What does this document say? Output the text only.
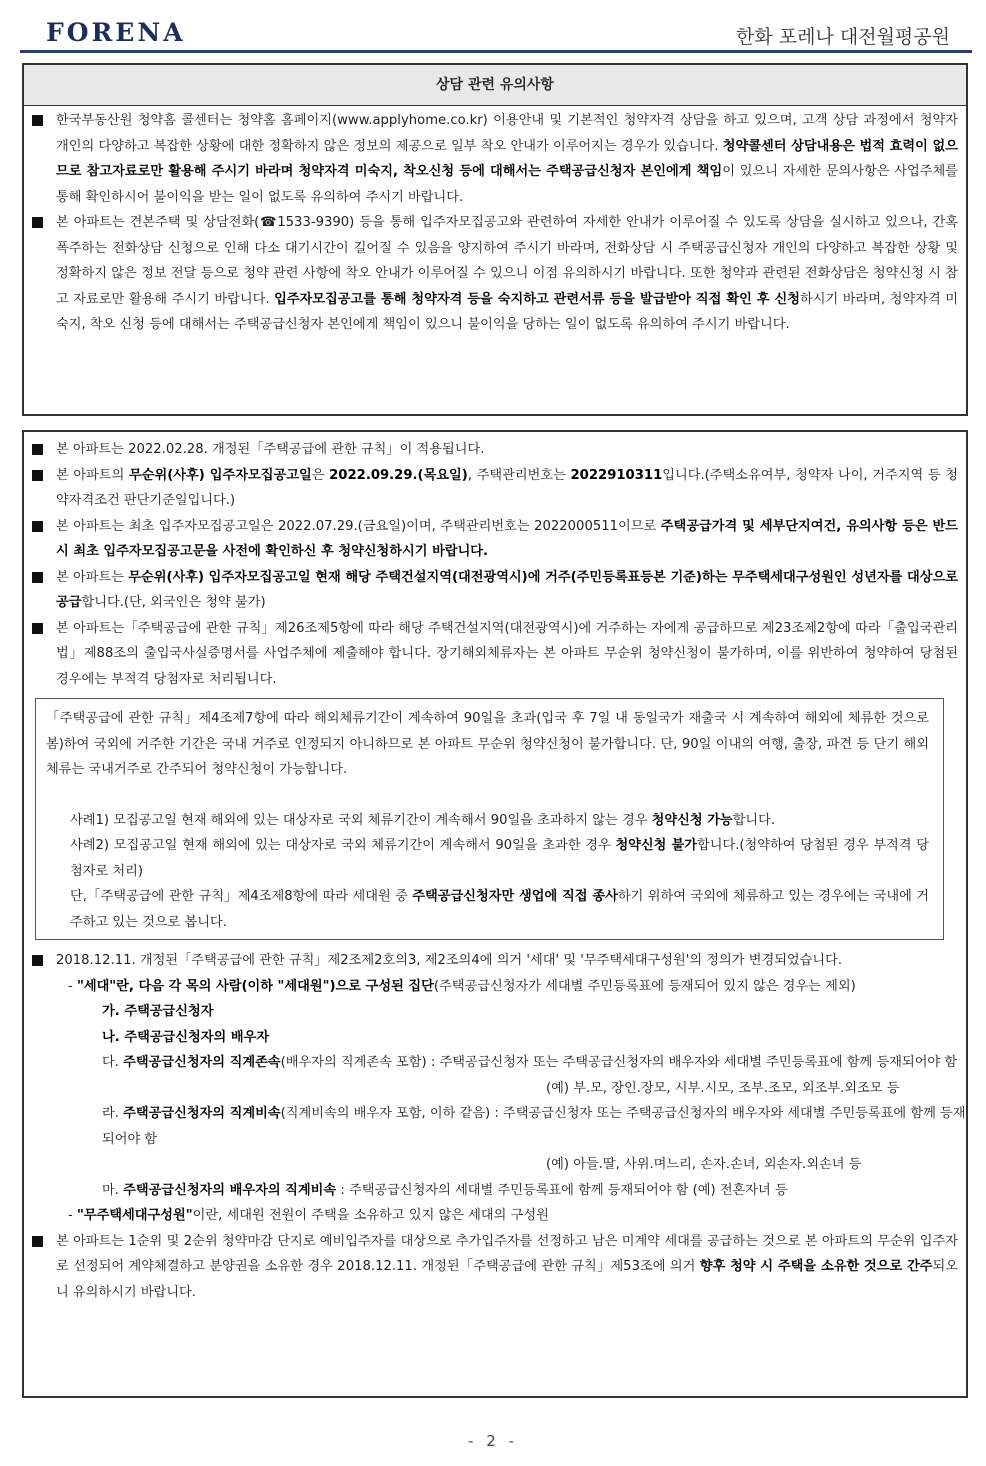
FORENA	한화 포레나 대전월평공원
상담 관련 유의사항
한국부동산원 청약홈 콜센터는 청약홈 홈페이지(www.applyhome.co.kr) 이용안내 및 기본적인 청약자격 상담을 하고 있으며, 고객 상담 과정에서 청약자 개인의 다양하고 복잡한 상황에 대한 정확하지 않은 정보의 제공으로 일부 착오 안내가 이루어지는 경우가 있습니다. 청약콜센터 상담내용은 법적 효력이 없으므로 참고자료로만 활용해 주시기 바라며 청약자격 미숙지, 착오신청 등에 대해서는 주택공급신청자 본인에게 책임이 있으니 자세한 문의사항은 사업주체를 통해 확인하시어 불이익을 받는 일이 없도록 유의하여 주시기 바랍니다.
본 아파트는 견본주택 및 상담전화(☎1533-9390) 등을 통해 입주자모집공고와 관련하여 자세한 안내가 이루어질 수 있도록 상담을 실시하고 있으나, 간혹 폭주하는 전화상담 신청으로 인해 다소 대기시간이 길어질 수 있음을 양지하여 주시기 바라며, 전화상담 시 주택공급신청자 개인의 다양하고 복잡한 상황 및 정확하지 않은 정보 전달 등으로 청약 관련 사항에 착오 안내가 이루어질 수 있으니 이점 유의하시기 바랍니다. 또한 청약과 관련된 전화상담은 청약신청 시 참고 자료로만 활용해 주시기 바랍니다. 입주자모집공고를 통해 청약자격 등을 숙지하고 관련서류 등을 발급받아 직접 확인 후 신청하시기 바라며, 청약자격 미숙지, 착오 신청 등에 대해서는 주택공급신청자 본인에게 책임이 있으니 불이익을 당하는 일이 없도록 유의하여 주시기 바랍니다.
본 아파트는 2022.02.28. 개정된「주택공급에 관한 규칙」이 적용됩니다.
본 아파트의 무순위(사후) 입주자모집공고일은 2022.09.29.(목요일), 주택관리번호는 2022910311입니다.(주택소유여부, 청약자 나이, 거주지역 등 청약자격조건 판단기준일입니다.)
본 아파트는 최초 입주자모집공고일은 2022.07.29.(금요일)이며, 주택관리번호는 2022000511이므로 주택공급가격 및 세부단지여건, 유의사항 등은 반드시 최초 입주자모집공고문을 사전에 확인하신 후 청약신청하시기 바랍니다.
본 아파트는 무순위(사후) 입주자모집공고일 현재 해당 주택건설지역(대전광역시)에 거주(주민등록표등본 기준)하는 무주택세대구성원인 성년자를 대상으로 공급합니다.(단, 외국인은 청약 불가)
본 아파트는「주택공급에 관한 규칙」제26조제5항에 따라 해당 주택건설지역(대전광역시)에 거주하는 자에게 공급하므로 제23조제2항에 따라「출입국관리법」제88조의 출입국사실증명서를 사업주체에 제출해야 합니다. 장기해외체류자는 본 아파트 무순위 청약신청이 불가하며, 이를 위반하여 청약하여 당첨된 경우에는 부적격 당첨자로 처리됩니다.
「주택공급에 관한 규칙」제4조제7항에 따라 해외체류기간이 계속하여 90일을 초과(입국 후 7일 내 동일국가 재출국 시 계속하여 해외에 체류한 것으로 봄)하여 국외에 거주한 기간은 국내 거주로 인정되지 아니하므로 본 아파트 무순위 청약신청이 불가합니다. 단, 90일 이내의 여행, 출장, 파견 등 단기 해외체류는 국내거주로 간주되어 청약신청이 가능합니다.
사례1) 모집공고일 현재 해외에 있는 대상자로 국외 체류기간이 계속해서 90일을 초과하지 않는 경우 청약신청 가능합니다.
사례2) 모집공고일 현재 해외에 있는 대상자로 국외 체류기간이 계속해서 90일을 초과한 경우 청약신청 불가합니다.(청약하여 당첨된 경우 부적격 당첨자로 처리)
단,「주택공급에 관한 규칙」제4조제8항에 따라 세대원 중 주택공급신청자만 생업에 직접 종사하기 위하여 국외에 체류하고 있는 경우에는 국내에 거주하고 있는 것으로 봅니다.
2018.12.11. 개정된「주택공급에 관한 규칙」제2조제2호의3, 제2조의4에 의거 '세대' 및 '무주택세대구성원'의 정의가 변경되었습니다.
- "세대"란, 다음 각 목의 사람(이하 "세대원")으로 구성된 집단(주택공급신청자가 세대별 주민등록표에 등재되어 있지 않은 경우는 제외)
가. 주택공급신청자
나. 주택공급신청자의 배우자
다. 주택공급신청자의 직계존속(배우자의 직계존속 포함) : 주택공급신청자 또는 주택공급신청자의 배우자와 세대별 주민등록표에 함께 등재되어야 함
(예) 부.모, 장인.장모, 시부.시모, 조부.조모, 외조부.외조모 등
라. 주택공급신청자의 직계비속(직계비속의 배우자 포함, 이하 같음) : 주택공급신청자 또는 주택공급신청자의 배우자와 세대별 주민등록표에 함께 등재되어야 함
(예) 아들.딸, 사위.며느리, 손자.손녀, 외손자.외손녀 등
마. 주택공급신청자의 배우자의 직계비속 : 주택공급신청자의 세대별 주민등록표에 함께 등재되어야 함 (예) 전혼자녀 등
- "무주택세대구성원"이란, 세대원 전원이 주택을 소유하고 있지 않은 세대의 구성원
본 아파트는 1순위 및 2순위 청약마감 단지로 예비입주자를 대상으로 추가입주자를 선정하고 남은 미계약 세대를 공급하는 것으로 본 아파트의 무순위 입주자로 선정되어 계약체결하고 분양권을 소유한 경우 2018.12.11. 개정된「주택공급에 관한 규칙」제53조에 의거 향후 청약 시 주택을 소유한 것으로 간주되오니 유의하시기 바랍니다.
- 2 -
